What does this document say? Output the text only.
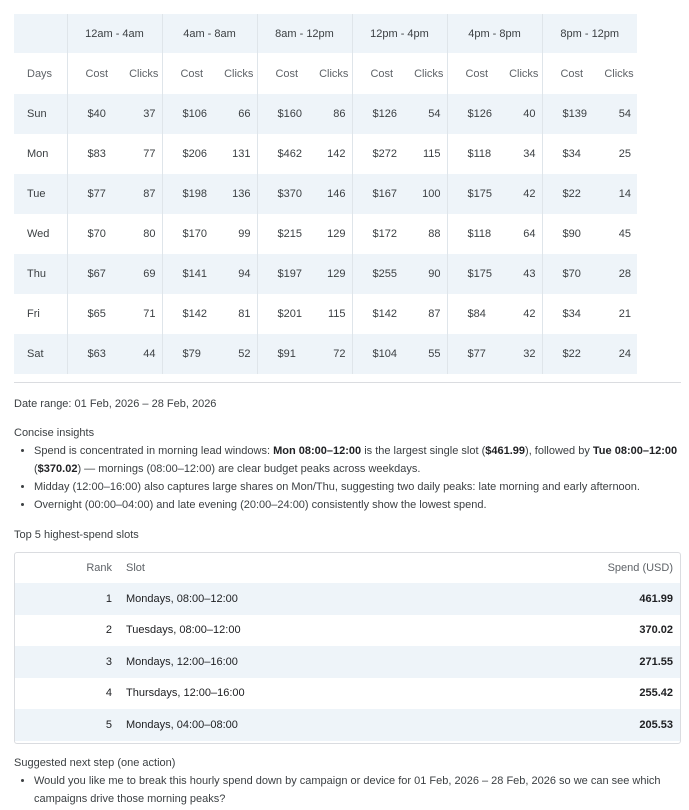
	12am - 4am		4am - 8am		8am - 12pm		12pm - 4pm		4pm - 8pm		8pm - 12pm	
Days	Cost	Clicks	Cost	Clicks	Cost	Clicks	Cost	Clicks	Cost	Clicks	Cost	Clicks
Sun	$40	37	$106	66	$160	86	$126	54	$126	40	$139	54
Mon	$83	77	$206	131	$462	142	$272	115	$118	34	$34	25
Tue	$77	87	$198	136	$370	146	$167	100	$175	42	$22	14
Wed	$70	80	$170	99	$215	129	$172	88	$118	64	$90	45
Thu	$67	69	$141	94	$197	129	$255	90	$175	43	$70	28
Fri	$65	71	$142	81	$201	115	$142	87	$84	42	$34	21
Sat	$63	44	$79	52	$91	72	$104	55	$77	32	$22	24
Date range: 01 Feb, 2026 – 28 Feb, 2026
Concise insights
• Spend is concentrated in morning lead windows: Mon 08:00–12:00 is the largest single slot ($461.99), followed by Tue 08:00–12:00 ($370.02) — mornings (08:00–12:00) are clear budget peaks across weekdays.
• Midday (12:00–16:00) also captures large shares on Mon/Thu, suggesting two daily peaks: late morning and early afternoon.
• Overnight (00:00–04:00) and late evening (20:00–24:00) consistently show the lowest spend.
Top 5 highest-spend slots
Rank	Slot	Spend (USD)
1	Mondays, 08:00–12:00	461.99
2	Tuesdays, 08:00–12:00	370.02
3	Mondays, 12:00–16:00	271.55
4	Thursdays, 12:00–16:00	255.42
5	Mondays, 04:00–08:00	205.53
Suggested next step (one action)
• Would you like me to break this hourly spend down by campaign or device for 01 Feb, 2026 – 28 Feb, 2026 so we can see which campaigns drive those morning peaks?
